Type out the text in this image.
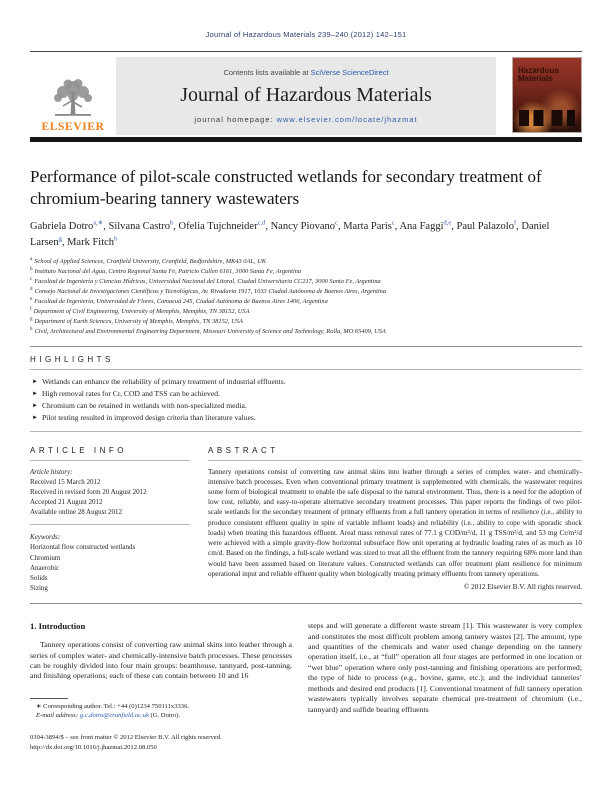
Journal of Hazardous Materials 239–240 (2012) 142–151
ELSEVIER
Contents lists available at SciVerse ScienceDirect
Journal of Hazardous Materials
journal homepage: www.elsevier.com/locate/jhazmat
Hazardous
Materials
Performance of pilot-scale constructed wetlands for secondary treatment of chromium-bearing tannery wastewaters

Gabriela Dotro$^{a,∗}$, Silvana Castro$^b$, Ofelia Tujchneider$^{c,d}$, Nancy Piovano$^c$, Marta Paris$^c$, Ana Faggi$^{d,e}$, Paul Palazolo$^f$, Daniel Larsen$^g$, Mark Fitch$^h$

$^a$ School of Applied Sciences, Cranfield University, Cranfield, Bedfordshire, MK43 0AL, UK
$^b$ Instituto Nacional del Agua, Centro Regional Santa Fe, Patricio Cullen 6161, 3000 Santa Fe, Argentina
$^c$ Facultad de Ingeniería y Ciencias Hídricas, Universidad Nacional del Litoral, Ciudad Universitaria CC217, 3000 Santa Fe, Argentina
$^d$ Consejo Nacional de Investigaciones Científicas y Tecnológicas, Av. Rivadavia 1917, 1033 Ciudad Autónoma de Buenos Aires, Argentina
$^e$ Facultad de Ingeniería, Universidad de Flores, Camacuá 245, Ciudad Autónoma de Buenos Aires 1406, Argentina
$^f$ Department of Civil Engineering, University of Memphis, Memphis, TN 38152, USA
$^g$ Department of Earth Sciences, University of Memphis, Memphis, TN 38152, USA
$^h$ Civil, Architectural and Environmental Engineering Department, Missouri University of Science and Technology, Rolla, MO 65409, USA
HIGHLIGHTS
► Wetlands can enhance the reliability of primary treatment of industrial effluents.
► High removal rates for Cr, COD and TSS can be achieved.
► Chromium can be retained in wetlands with non-specialized media.
► Pilot testing resulted in improved design criteria than literature values.
ARTICLE INFO
Article history:
Received 15 March 2012
Received in revised form 20 August 2012
Accepted 21 August 2012
Available online 28 August 2012
Keywords:
Horizontal flow constructed wetlands
Chromium
Anaerobic
Solids
Sizing
ABSTRACT

Tannery operations consist of converting raw animal skins into leather through a series of complex water- and chemically-intensive batch processes. Even when conventional primary treatment is supplemented with chemicals, the wastewater requires some form of biological treatment to enable the safe disposal to the natural environment. Thus, there is a need for the adoption of low cost, reliable, and easy-to-operate alternative secondary treatment processes. This paper reports the findings of two pilot-scale wetlands for the secondary treatment of primary effluents from a full tannery operation in terms of resilience (i.e., ability to produce consistent effluent quality in spite of variable influent loads) and reliability (i.e., ability to cope with sporadic shock loads) when treating this hazardous effluent. Areal mass removal rates of 77.1 g COD/m²/d, 11 g TSS/m²/d, and 53 mg Cr/m²/d were achieved with a simple gravity-flow horizontal subsurface flow unit operating at hydraulic loading rates of as much as 10 cm/d. Based on the findings, a full-scale wetland was sized to treat all the effluent from the tannery requiring 68% more land than would have been assumed based on literature values. Constructed wetlands can offer treatment plant resilience for minimum operational input and reliable effluent quality when biologically treating primary effluents from tannery operations.

© 2012 Elsevier B.V. All rights reserved.

1. Introduction

Tannery operations consist of converting raw animal skins into leather through a series of complex water- and chemically-intensive batch processes. These processes can be roughly divided into four main groups: beamhouse, tannyard, post-tanning, and finishing operations; each of these can contain between 10 and 16

∗ Corresponding author. Tel.: +44 (0)1234 750111x3336.

E-mail address: g.c.dotro@cranfield.ac.uk (G. Dotro).

0304-3894/$ – see front matter © 2012 Elsevier B.V. All rights reserved.

http://dx.doi.org/10.1016/j.jhazmat.2012.08.050

steps and will generate a different waste stream [1]. This wastewater is very complex and constitutes the most difficult problem among tannery wastes [2]. The amount, type and quantities of the chemicals and water used change depending on the tannery operation itself, i.e., at “full” operation all four stages are performed in one location or “wet blue” operation where only post-tanning and finishing operations are performed; the type of hide to process (e.g., bovine, game, etc.); and the individual tanneries’ methods and desired end products [1]. Conventional treatment of full tannery operation wastewaters typically involves separate chemical pre-treatment of chromium (i.e., tannyard) and sulfide bearing effluents
